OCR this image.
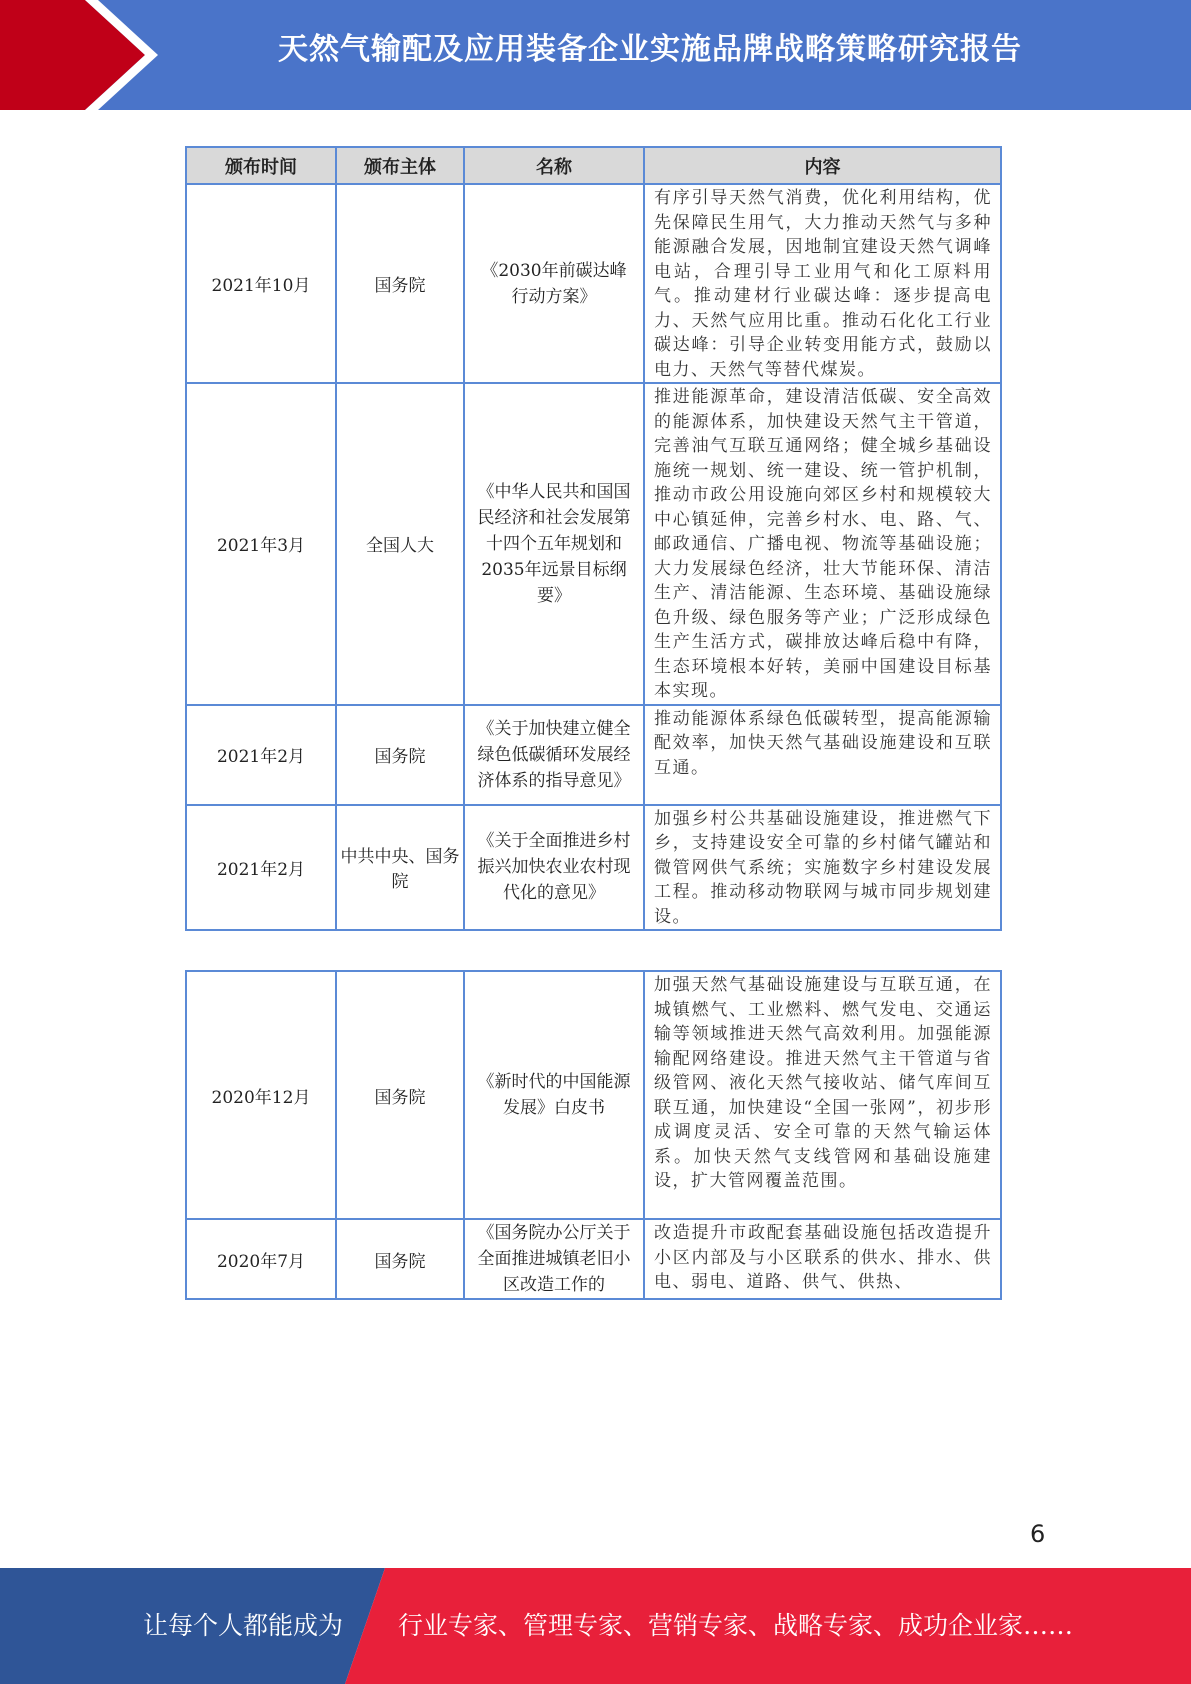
天然气输配及应用装备企业实施品牌战略策略研究报告
颁布时间	颁布主体	名称	内容
2021年10月	国务院	《2030年前碳达峰行动方案》	有序引导天然气消费，优化利用结构，优先保障民生用气，大力推动天然气与多种能源融合发展，因地制宜建设天然气调峰电站，合理引导工业用气和化工原料用气。推动建材行业碳达峰：逐步提高电力、天然气应用比重。推动石化化工行业碳达峰：引导企业转变用能方式，鼓励以电力、天然气等替代煤炭。
2021年3月	全国人大	《中华人民共和国国民经济和社会发展第十四个五年规划和2035年远景目标纲要》	推进能源革命，建设清洁低碳、安全高效的能源体系，加快建设天然气主干管道，完善油气互联互通网络；健全城乡基础设施统一规划、统一建设、统一管护机制，推动市政公用设施向郊区乡村和规模较大中心镇延伸，完善乡村水、电、路、气、邮政通信、广播电视、物流等基础设施；大力发展绿色经济，壮大节能环保、清洁生产、清洁能源、生态环境、基础设施绿色升级、绿色服务等产业；广泛形成绿色生产生活方式，碳排放达峰后稳中有降，生态环境根本好转，美丽中国建设目标基本实现。
2021年2月	国务院	《关于加快建立健全绿色低碳循环发展经济体系的指导意见》	推动能源体系绿色低碳转型，提高能源输配效率，加快天然气基础设施建设和互联互通。
2021年2月	中共中央、国务院	《关于全面推进乡村振兴加快农业农村现代化的意见》	加强乡村公共基础设施建设，推进燃气下乡，支持建设安全可靠的乡村储气罐站和微管网供气系统；实施数字乡村建设发展工程。推动移动物联网与城市同步规划建设。
2020年12月	国务院	《新时代的中国能源发展》白皮书	加强天然气基础设施建设与互联互通，在城镇燃气、工业燃料、燃气发电、交通运输等领域推进天然气高效利用。加强能源输配网络建设。推进天然气主干管道与省级管网、液化天然气接收站、储气库间互联互通，加快建设“全国一张网”，初步形成调度灵活、安全可靠的天然气输运体系。加快天然气支线管网和基础设施建设，扩大管网覆盖范围。
2020年7月	国务院	《国务院办公厅关于全面推进城镇老旧小区改造工作的	改造提升市政配套基础设施包括改造提升小区内部及与小区联系的供水、排水、供电、弱电、道路、供气、供热、
6
让每个人都能成为 行业专家、管理专家、营销专家、战略专家、成功企业家……
